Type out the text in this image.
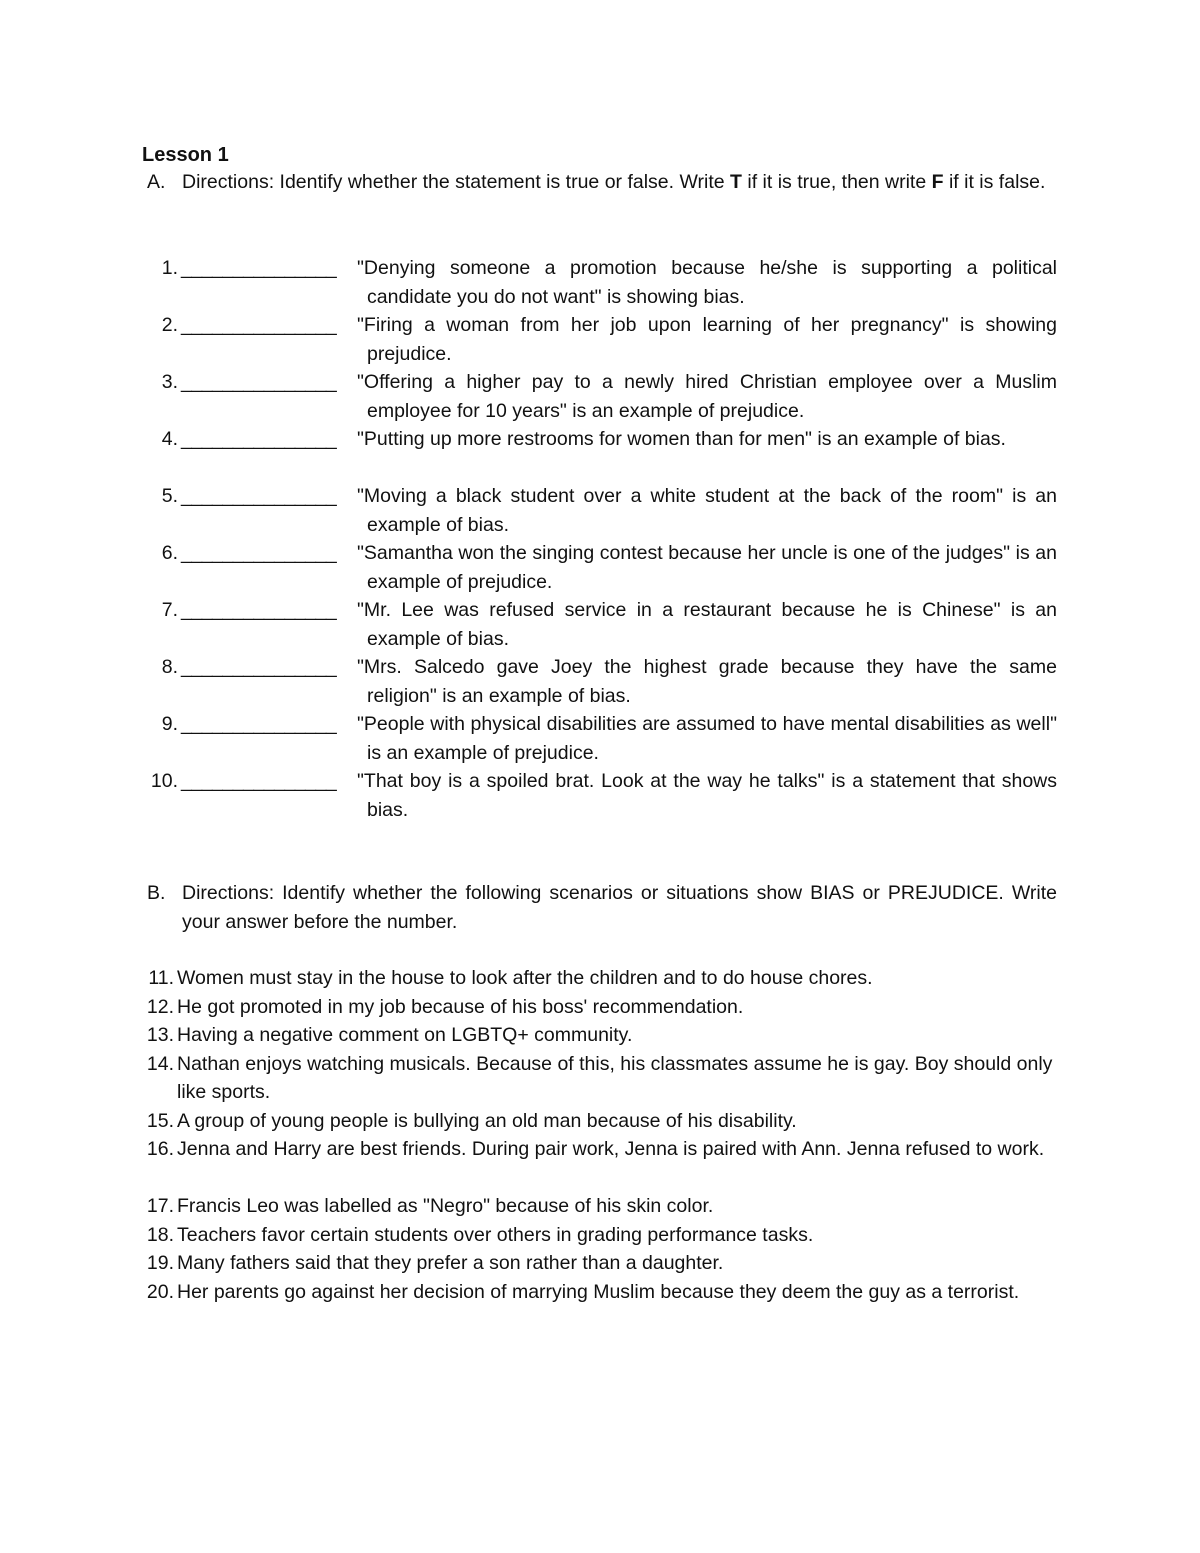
Lesson 1
A. Directions: Identify whether the statement is true or false. Write T if it is true, then write F if it is false.
1. _______________ "Denying someone a promotion because he/she is supporting a political candidate you do not want" is showing bias.
2. _______________ "Firing a woman from her job upon learning of her pregnancy" is showing prejudice.
3. _______________ "Offering a higher pay to a newly hired Christian employee over a Muslim employee for 10 years" is an example of prejudice.
4. _______________ "Putting up more restrooms for women than for men" is an example of bias.
5. _______________ "Moving a black student over a white student at the back of the room" is an example of bias.
6. _______________ "Samantha won the singing contest because her uncle is one of the judges" is an example of prejudice.
7. _______________ "Mr. Lee was refused service in a restaurant because he is Chinese" is an example of bias.
8. _______________ "Mrs. Salcedo gave Joey the highest grade because they have the same religion" is an example of bias.
9. _______________ "People with physical disabilities are assumed to have mental disabilities as well" is an example of prejudice.
10. _______________ "That boy is a spoiled brat. Look at the way he talks" is a statement that shows bias.
B. Directions: Identify whether the following scenarios or situations show BIAS or PREJUDICE. Write your answer before the number.
11. Women must stay in the house to look after the children and to do house chores.
12. He got promoted in my job because of his boss' recommendation.
13. Having a negative comment on LGBTQ+ community.
14. Nathan enjoys watching musicals. Because of this, his classmates assume he is gay. Boy should only like sports.
15. A group of young people is bullying an old man because of his disability.
16. Jenna and Harry are best friends. During pair work, Jenna is paired with Ann. Jenna refused to work.
17. Francis Leo was labelled as "Negro" because of his skin color.
18. Teachers favor certain students over others in grading performance tasks.
19. Many fathers said that they prefer a son rather than a daughter.
20. Her parents go against her decision of marrying Muslim because they deem the guy as a terrorist.
